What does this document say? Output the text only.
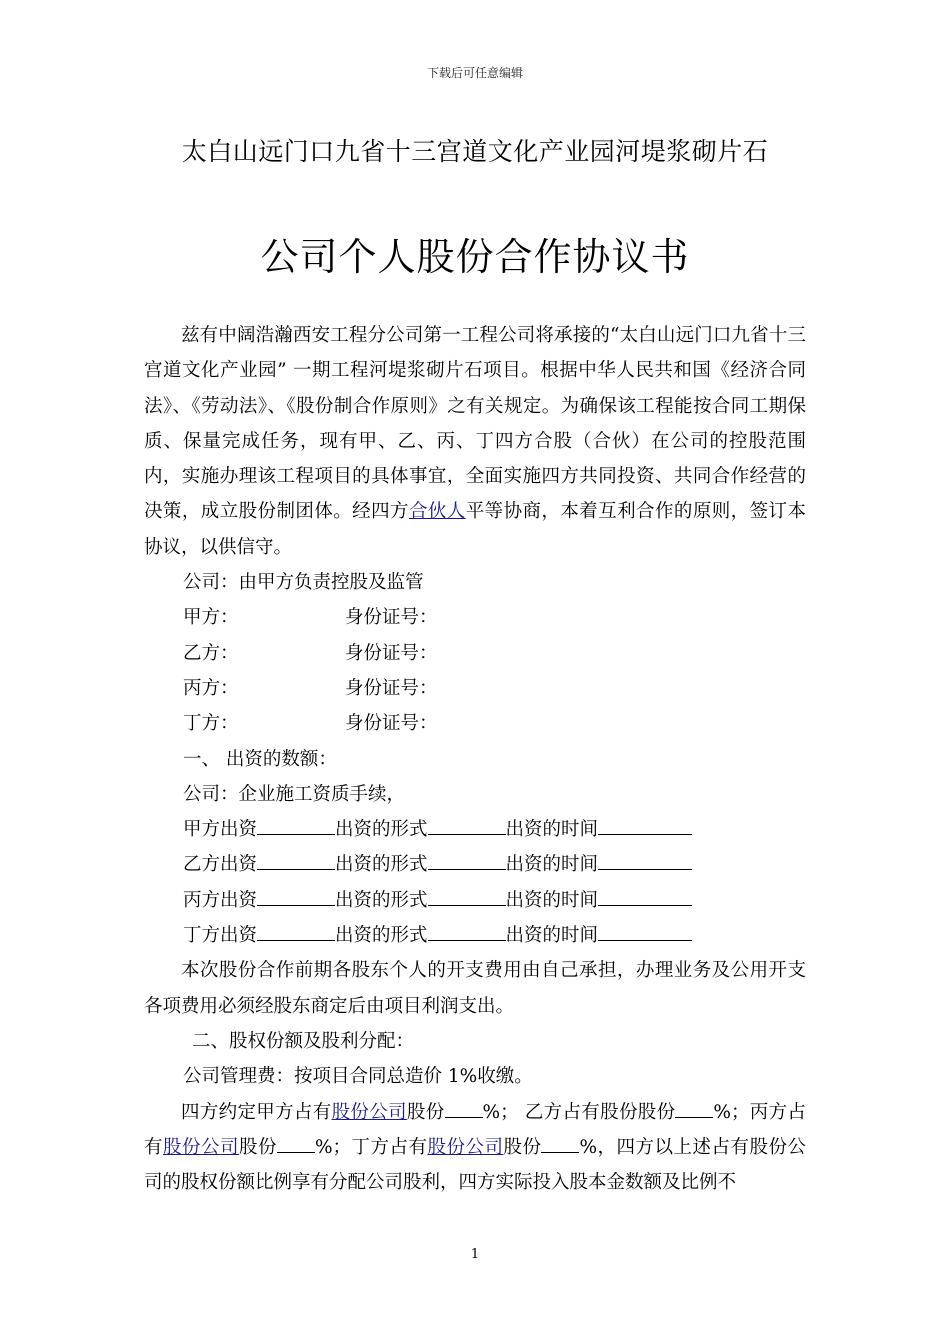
下载后可任意编辑
太白山远门口九省十三宫道文化产业园河堤浆砌片石
公司个人股份合作协议书

兹有中阔浩瀚西安工程分公司第一工程公司将承接的“太白山远门口九省十三宫道文化产业园” 一期工程河堤浆砌片石项目。根据中华人民共和国《经济合同法》、《劳动法》、《股份制合作原则》之有关规定。为确保该工程能按合同工期保质、保量完成任务，现有甲、乙、丙、丁四方合股（合伙）在公司的控股范围内，实施办理该工程项目的具体事宜，全面实施四方共同投资、共同合作经营的决策，成立股份制团体。经四方合伙人平等协商，本着互利合作的原则，签订本协议，以供信守。

公司：由甲方负责控股及监管

甲方：	身份证号：

乙方：	身份证号：

丙方：	身份证号：

丁方：	身份证号：

一、 出资的数额：

公司：企业施工资质手续，

甲方出资	出资的形式	出资的时间

乙方出资	出资的形式	出资的时间

丙方出资	出资的形式	出资的时间

丁方出资	出资的形式	出资的时间

本次股份合作前期各股东个人的开支费用由自己承担，办理业务及公用开支各项费用必须经股东商定后由项目利润支出。

二、股权份额及股利分配：

公司管理费：按项目合同总造价 1%收缴。

四方约定甲方占有股份公司股份 %； 乙方占有股份股份 %；丙方占有股份公司股份 %；丁方占有股份公司股份 %，四方以上述占有股份公司的股权份额比例享有分配公司股利，四方实际投入股本金数额及比例不

1
